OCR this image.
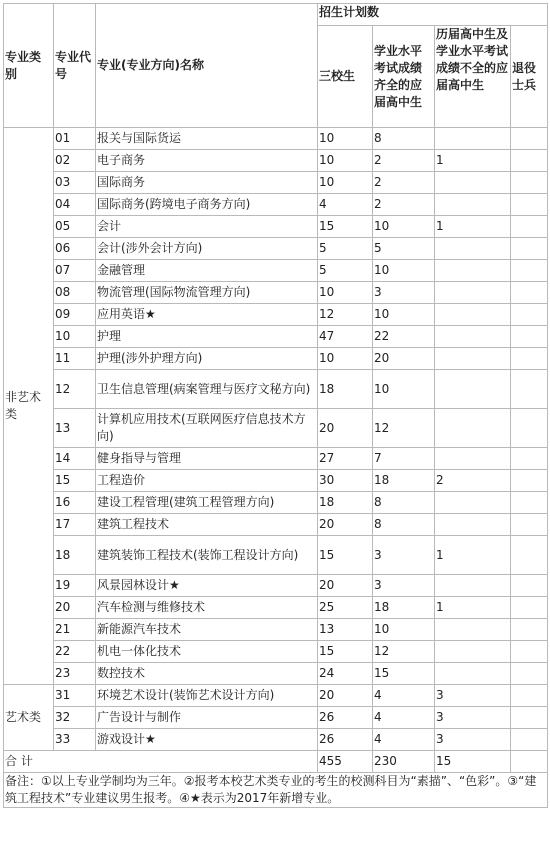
专业类别	专业代号	专业(专业方向)名称	招生计划数			
			三校生	学业水平考试成绩齐全的应届高中生	历届高中生及学业水平考试成绩不全的应届高中生	退役士兵
非艺术类	01	报关与国际货运	10	8		
	02	电子商务	10	2	1	
	03	国际商务	10	2		
	04	国际商务(跨境电子商务方向)	4	2		
	05	会计	15	10	1	
	06	会计(涉外会计方向)	5	5		
	07	金融管理	5	10		
	08	物流管理(国际物流管理方向)	10	3		
	09	应用英语★	12	10		
	10	护理	47	22		
	11	护理(涉外护理方向)	10	20		
	12	卫生信息管理(病案管理与医疗文秘方向)	18	10		
	13	计算机应用技术(互联网医疗信息技术方向)	20	12		
	14	健身指导与管理	27	7		
	15	工程造价	30	18	2	
	16	建设工程管理(建筑工程管理方向)	18	8		
	17	建筑工程技术	20	8		
	18	建筑装饰工程技术(装饰工程设计方向)	15	3	1	
	19	风景园林设计★	20	3		
	20	汽车检测与维修技术	25	18	1	
	21	新能源汽车技术	13	10		
	22	机电一体化技术	15	12		
	23	数控技术	24	15		
艺术类	31	环境艺术设计(装饰艺术设计方向)	20	4	3	
	32	广告设计与制作	26	4	3	
	33	游戏设计★	26	4	3	
合 计			455	230	15	
备注：①以上专业学制均为三年。②报考本校艺术类专业的考生的校测科目为“素描”、“色彩”。③“建筑工程技术”专业建议男生报考。④★表示为2017年新增专业。						
